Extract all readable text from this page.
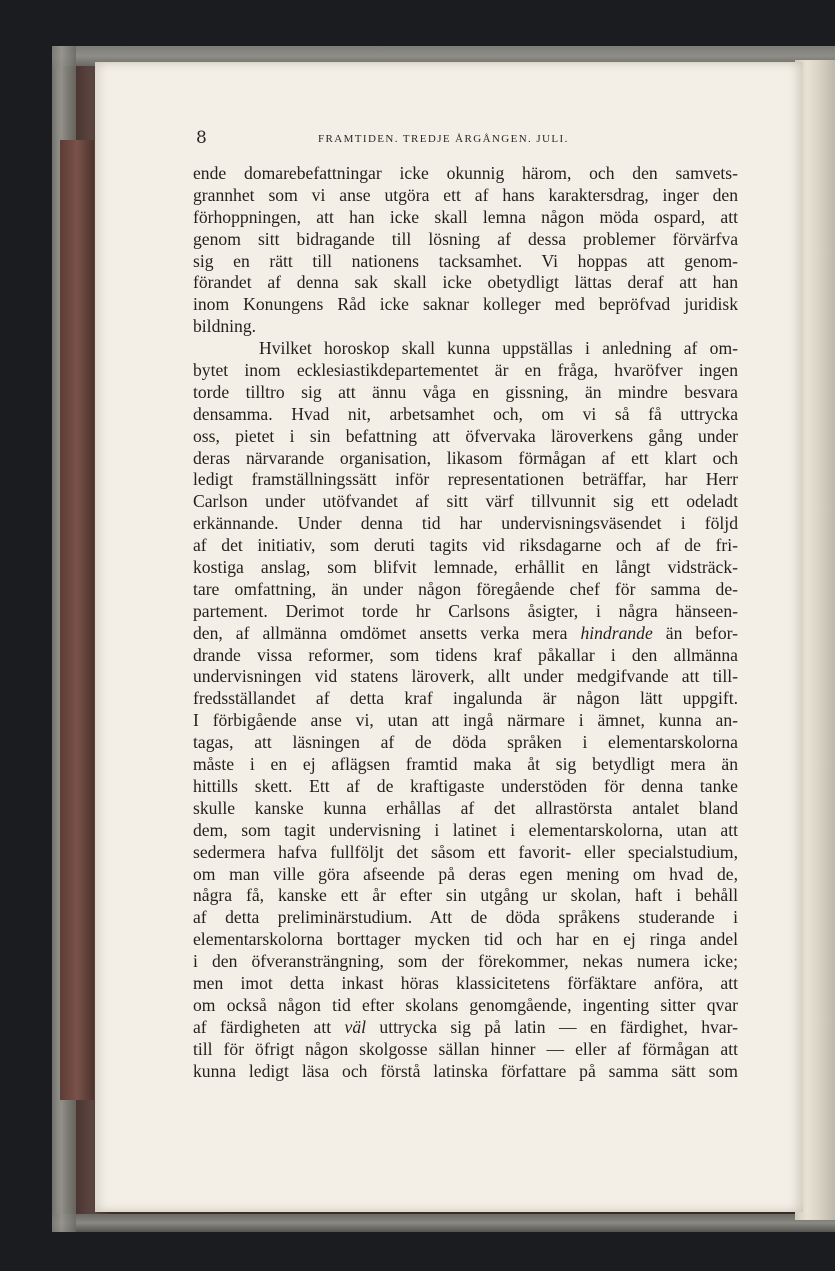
8	FRAMTIDEN. TREDJE ÅRGÅNGEN. JULI.
ende domarebefattningar icke okunnig härom, och den samvets-
grannhet som vi anse utgöra ett af hans karaktersdrag, inger den
förhoppningen, att han icke skall lemna någon möda ospard, att
genom sitt bidragande till lösning af dessa problemer förvärfva
sig en rätt till nationens tacksamhet. Vi hoppas att genom-
förandet af denna sak skall icke obetydligt lättas deraf att han
inom Konungens Råd icke saknar kolleger med bepröfvad juridisk
bildning.
Hvilket horoskop skall kunna uppställas i anledning af om-
bytet inom ecklesiastikdepartementet är en fråga, hvaröfver ingen
torde tilltro sig att ännu våga en gissning, än mindre besvara
densamma. Hvad nit, arbetsamhet och, om vi så få uttrycka
oss, pietet i sin befattning att öfvervaka läroverkens gång under
deras närvarande organisation, likasom förmågan af ett klart och
ledigt framställningssätt inför representationen beträffar, har Herr
Carlson under utöfvandet af sitt värf tillvunnit sig ett odeladt
erkännande. Under denna tid har undervisningsväsendet i följd
af det initiativ, som deruti tagits vid riksdagarne och af de fri-
kostiga anslag, som blifvit lemnade, erhållit en långt vidsträck-
tare omfattning, än under någon föregående chef för samma de-
partement. Derimot torde hr Carlsons åsigter, i några hänseen-
den, af allmänna omdömet ansetts verka mera hindrande än befor-
drande vissa reformer, som tidens kraf påkallar i den allmänna
undervisningen vid statens läroverk, allt under medgifvande att till-
fredsställandet af detta kraf ingalunda är någon lätt uppgift.
I förbigående anse vi, utan att ingå närmare i ämnet, kunna an-
tagas, att läsningen af de döda språken i elementarskolorna
måste i en ej aflägsen framtid maka åt sig betydligt mera än
hittills skett. Ett af de kraftigaste understöden för denna tanke
skulle kanske kunna erhållas af det allrastörsta antalet bland
dem, som tagit undervisning i latinet i elementarskolorna, utan att
sedermera hafva fullföljt det såsom ett favorit- eller specialstudium,
om man ville göra afseende på deras egen mening om hvad de,
några få, kanske ett år efter sin utgång ur skolan, haft i behåll
af detta preliminärstudium. Att de döda språkens studerande i
elementarskolorna borttager mycken tid och har en ej ringa andel
i den öfveransträngning, som der förekommer, nekas numera icke;
men imot detta inkast höras klassicitetens förfäktare anföra, att
om också någon tid efter skolans genomgående, ingenting sitter qvar
af färdigheten att väl uttrycka sig på latin — en färdighet, hvar-
till för öfrigt någon skolgosse sällan hinner — eller af förmågan att
kunna ledigt läsa och förstå latinska författare på samma sätt som
